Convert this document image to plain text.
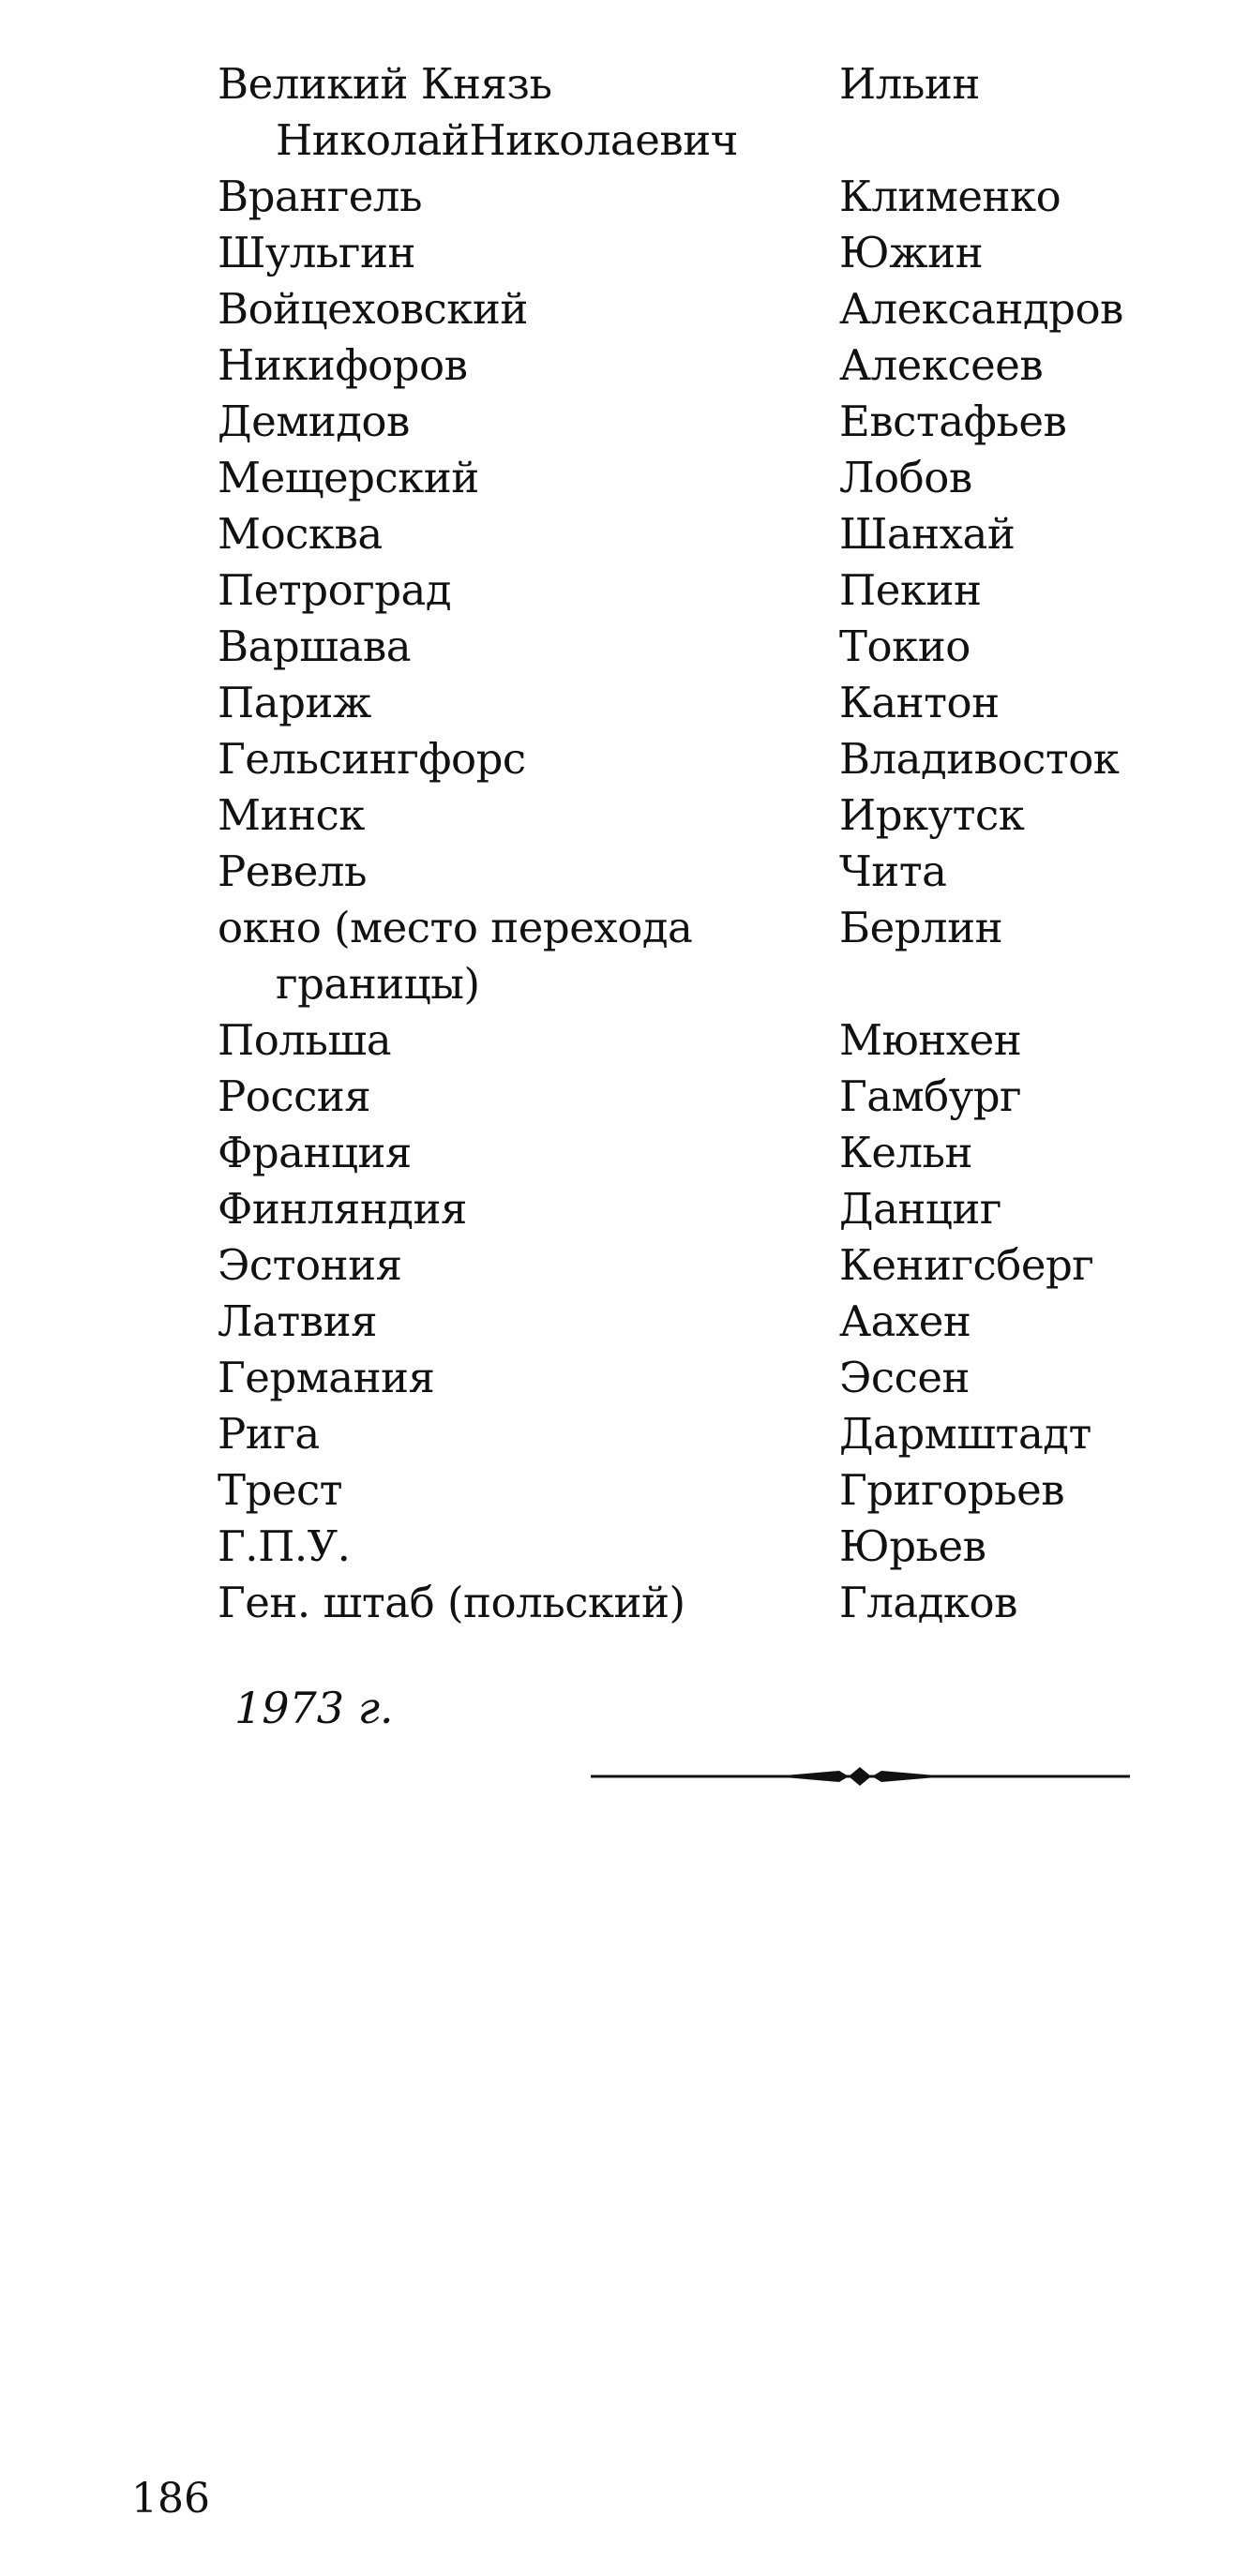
Великий Князь
НиколайНиколаевич
Врангель
Шульгин
Войцеховский
Никифоров
Демидов
Мещерский
Москва
Петроград
Варшава
Париж
Гельсингфорс
Минск
Ревель
окно (место перехода
границы)
Польша
Россия
Франция
Финляндия
Эстония
Латвия
Германия
Рига
Трест
Г.П.У.
Ген. штаб (польский)
Ильин
Клименко
Южин
Александров
Алексеев
Евстафьев
Лобов
Шанхай
Пекин
Токио
Кантон
Владивосток
Иркутск
Чита
Берлин
Мюнхен
Гамбург
Кельн
Данциг
Кенигсберг
Аахен
Эссен
Дармштадт
Григорьев
Юрьев
Гладков
1973 г.
186
